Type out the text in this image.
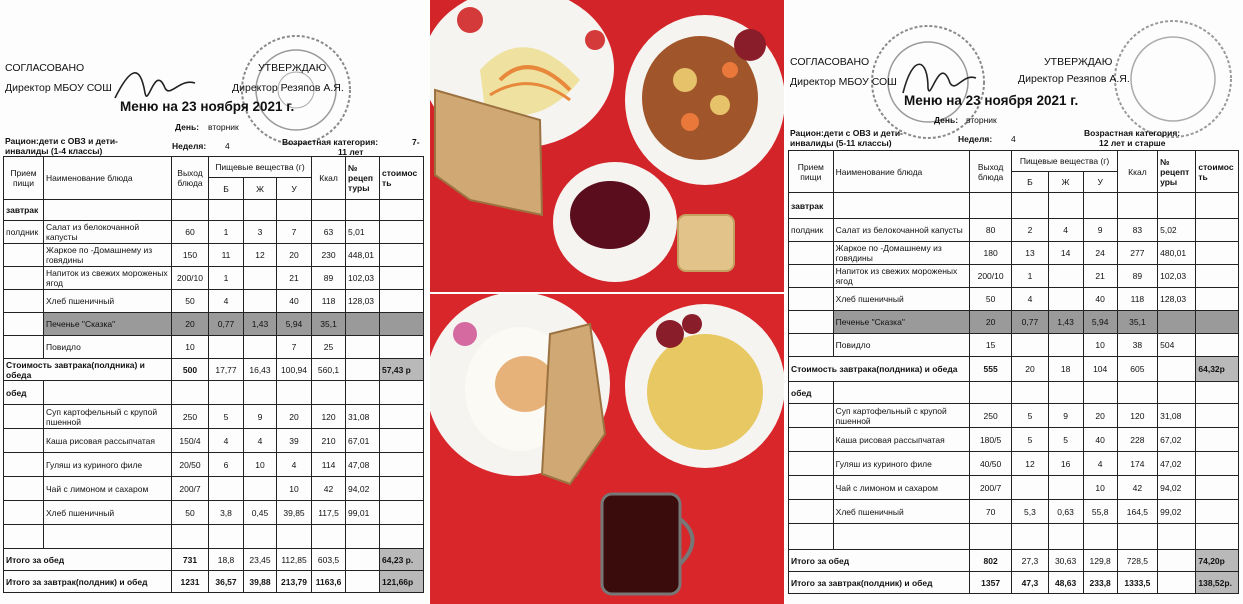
СОГЛАСОВАНО
Директор МБОУ СОШ
УТВЕРЖДАЮ
Директор Резяпов А.Я.
Меню на 23 ноября 2021 г.
День: вторник
Рацион:дети с ОВЗ и дети-
инвалиды (1-4 классы)	Неделя: 4	Возрастная категория:	7-
11 лет
Прием пищи	Наименование блюда	Выход блюда	Пищевые вещества (г)			Ккал	№ рецеп туры	стоимос ть
			Б	Ж	У			
завтрак								
полдник	Салат из белокочанной капусты	60	1	3	7	63	5,01	
	Жаркое по -Домашнему из говядины	150	11	12	20	230	448,01	
	Напиток из свежих мороженых ягод	200/10	1		21	89	102,03	
	Хлеб пшеничный	50	4		40	118	128,03	
	Печенье "Сказка"	20	0,77	1,43	5,94	35,1		
	Повидло	10			7	25		
Стоимость завтрака(полдника) и обеда		500	17,77	16,43	100,94	560,1		57,43 р
обед								
	Суп картофельный с крупой пшенной	250	5	9	20	120	31,08	
	Каша рисовая рассыпчатая	150/4	4	4	39	210	67,01	
	Гуляш из куриного филе	20/50	6	10	4	114	47,08	
	Чай с лимоном и сахаром	200/7			10	42	94,02	
	Хлеб пшеничный	50	3,8	0,45	39,85	117,5	99,01	

Итого за обед		731	18,8	23,45	112,85	603,5		64,23 р.
Итого за завтрак(полдник) и обед		1231	36,57	39,88	213,79	1163,6		121,66р
СОГЛАСОВАНО
Директор МБОУ СОШ
УТВЕРЖДАЮ
Директор Резяпов А.Я.
Меню на 23 ноября 2021 г.
День: вторник
Рацион:дети с ОВЗ и дети-
инвалиды (5-11 классы)	Неделя: 4
Возрастная категория:
12 лет и старше
Прием пищи	Наименование блюда	Выход блюда	Пищевые вещества (г)			Ккал	№ рецепт уры	стоимос ть
			Б	Ж	У			
завтрак								
полдник	Салат из белокочанной капусты	80	2	4	9	83	5,02	
	Жаркое по -Домашнему из говядины	180	13	14	24	277	480,01	
	Напиток из свежих мороженых ягод	200/10	1		21	89	102,03	
	Хлеб пшеничный	50	4		40	118	128,03	
	Печенье "Сказка"	20	0,77	1,43	5,94	35,1		
	Повидло	15			10	38	504	
Стоимость завтрака(полдника) и обеда		555	20	18	104	605		64,32р
обед								
	Суп картофельный с крупой пшенной	250	5	9	20	120	31,08	
	Каша рисовая рассыпчатая	180/5	5	5	40	228	67,02	
	Гуляш из куриного филе	40/50	12	16	4	174	47,02	
	Чай с лимоном и сахаром	200/7			10	42	94,02	
	Хлеб пшеничный	70	5,3	0,63	55,8	164,5	99,02	

Итого за обед		802	27,3	30,63	129,8	728,5		74,20р
Итого за завтрак(полдник) и обед		1357	47,3	48,63	233,8	1333,5		138,52р.
